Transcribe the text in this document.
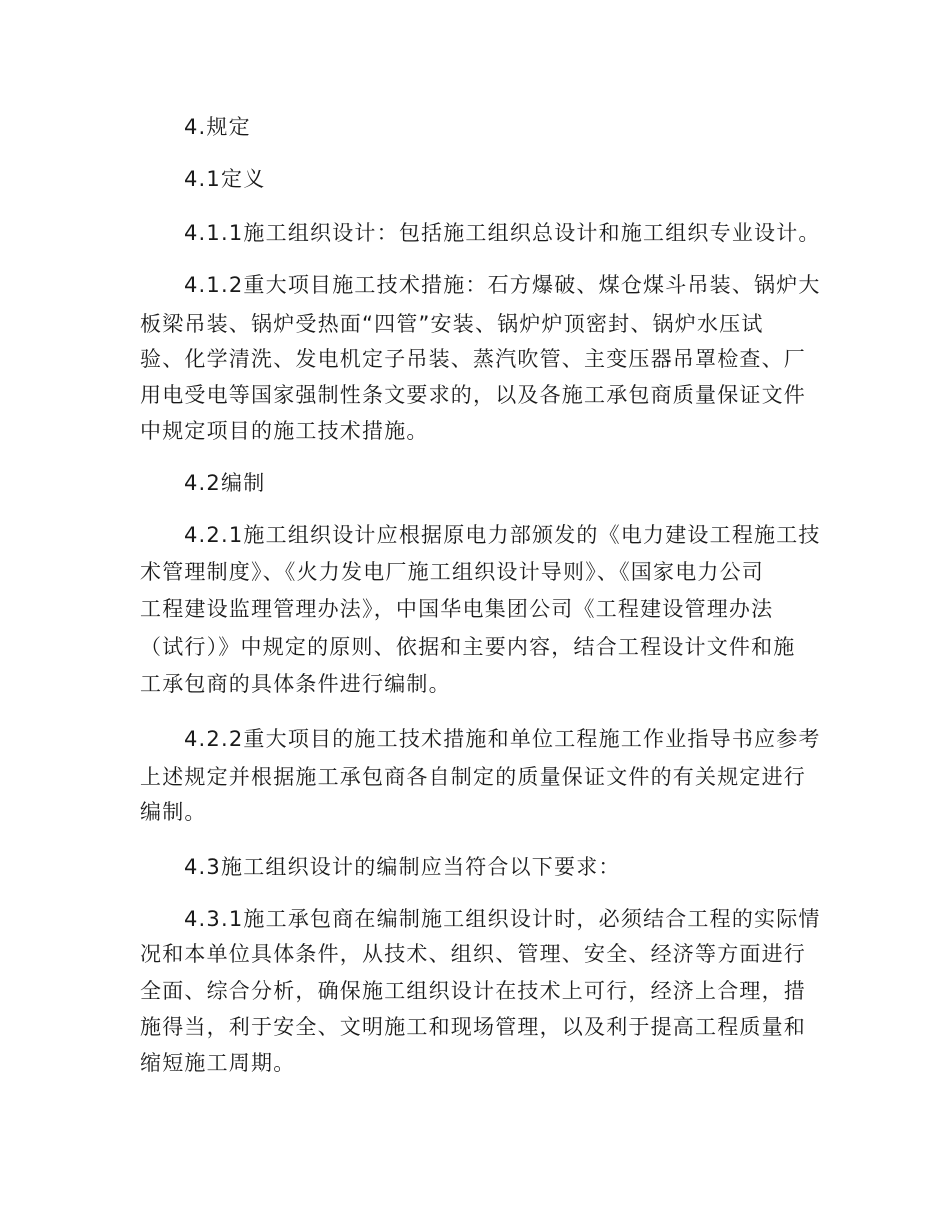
4.规定
4.1定义
4.1.1施工组织设计：包括施工组织总设计和施工组织专业设计。
4.1.2重大项目施工技术措施：石方爆破、煤仓煤斗吊装、锅炉大
板梁吊装、锅炉受热面“四管”安装、锅炉炉顶密封、锅炉水压试
验、化学清洗、发电机定子吊装、蒸汽吹管、主变压器吊罩检查、厂
用电受电等国家强制性条文要求的，以及各施工承包商质量保证文件
中规定项目的施工技术措施。
4.2编制
4.2.1施工组织设计应根据原电力部颁发的《电力建设工程施工技
术管理制度》、《火力发电厂施工组织设计导则》、《国家电力公司
工程建设监理管理办法》，中国华电集团公司《工程建设管理办法
（试行）》中规定的原则、依据和主要内容，结合工程设计文件和施
工承包商的具体条件进行编制。
4.2.2重大项目的施工技术措施和单位工程施工作业指导书应参考
上述规定并根据施工承包商各自制定的质量保证文件的有关规定进行
编制。
4.3施工组织设计的编制应当符合以下要求：
4.3.1施工承包商在编制施工组织设计时，必须结合工程的实际情
况和本单位具体条件，从技术、组织、管理、安全、经济等方面进行
全面、综合分析，确保施工组织设计在技术上可行，经济上合理，措
施得当，利于安全、文明施工和现场管理，以及利于提高工程质量和
缩短施工周期。
